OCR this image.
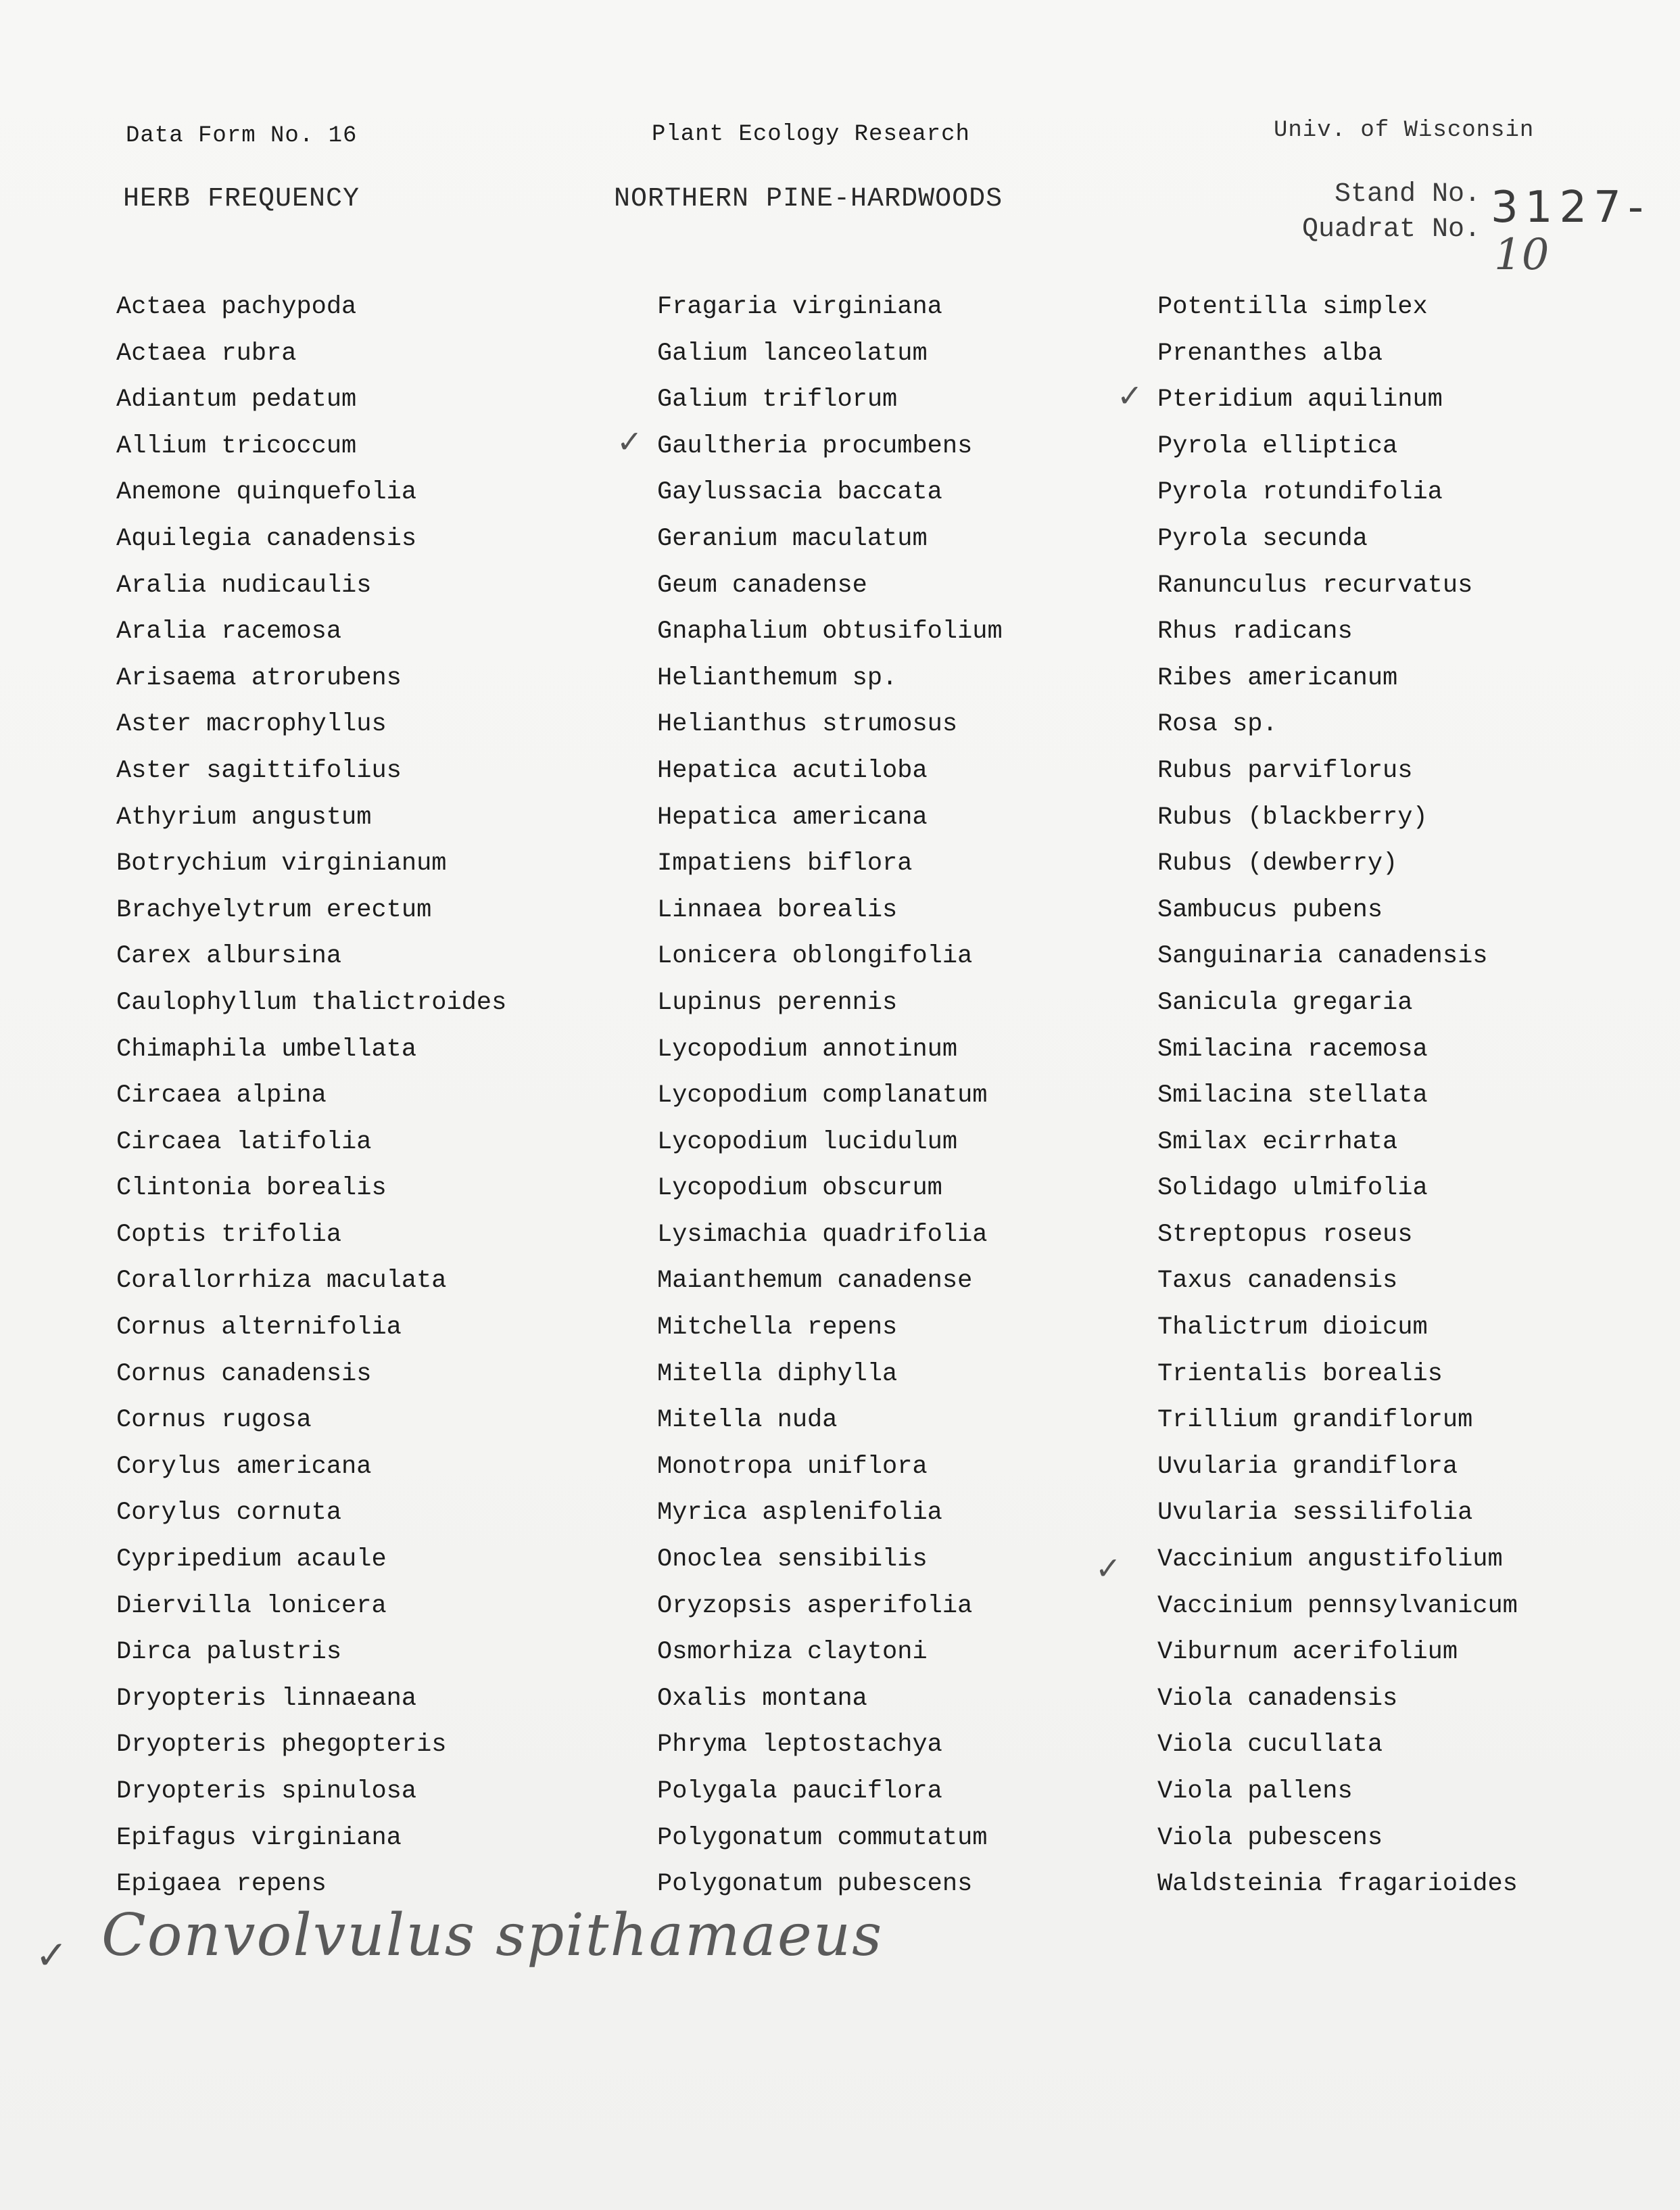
Data Form No. 16	Plant Ecology Research	Univ. of Wisconsin
HERB FREQUENCY	NORTHERN PINE-HARDWOODS	Stand No.
Quadrat No. 3127-
10
Actaea pachypoda
Actaea rubra
Adiantum pedatum
Allium tricoccum
Anemone quinquefolia
Aquilegia canadensis
Aralia nudicaulis
Aralia racemosa
Arisaema atrorubens
Aster macrophyllus
Aster sagittifolius
Athyrium angustum
Botrychium virginianum
Brachyelytrum erectum
Carex albursina
Caulophyllum thalictroides
Chimaphila umbellata
Circaea alpina
Circaea latifolia
Clintonia borealis
Coptis trifolia
Corallorrhiza maculata
Cornus alternifolia
Cornus canadensis
Cornus rugosa
Corylus americana
Corylus cornuta
Cypripedium acaule
Diervilla lonicera
Dirca palustris
Dryopteris linnaeana
Dryopteris phegopteris
Dryopteris spinulosa
Epifagus virginiana
Epigaea repens
Fragaria virginiana
Galium lanceolatum
Galium triflorum
Gaultheria procumbens
Gaylussacia baccata
Geranium maculatum
Geum canadense
Gnaphalium obtusifolium
Helianthemum sp.
Helianthus strumosus
Hepatica acutiloba
Hepatica americana
Impatiens biflora
Linnaea borealis
Lonicera oblongifolia
Lupinus perennis
Lycopodium annotinum
Lycopodium complanatum
Lycopodium lucidulum
Lycopodium obscurum
Lysimachia quadrifolia
Maianthemum canadense
Mitchella repens
Mitella diphylla
Mitella nuda
Monotropa uniflora
Myrica asplenifolia
Onoclea sensibilis
Oryzopsis asperifolia
Osmorhiza claytoni
Oxalis montana
Phryma leptostachya
Polygala pauciflora
Polygonatum commutatum
Polygonatum pubescens
Potentilla simplex
Prenanthes alba
Pteridium aquilinum
Pyrola elliptica
Pyrola rotundifolia
Pyrola secunda
Ranunculus recurvatus
Rhus radicans
Ribes americanum
Rosa sp.
Rubus parviflorus
Rubus (blackberry)
Rubus (dewberry)
Sambucus pubens
Sanguinaria canadensis
Sanicula gregaria
Smilacina racemosa
Smilacina stellata
Smilax ecirrhata
Solidago ulmifolia
Streptopus roseus
Taxus canadensis
Thalictrum dioicum
Trientalis borealis
Trillium grandiflorum
Uvularia grandiflora
Uvularia sessilifolia
Vaccinium angustifolium
Vaccinium pennsylvanicum
Viburnum acerifolium
Viola canadensis
Viola cucullata
Viola pallens
Viola pubescens
Waldsteinia fragarioides
✓
✓
✓
✓ Convolvulus spithamaeus
